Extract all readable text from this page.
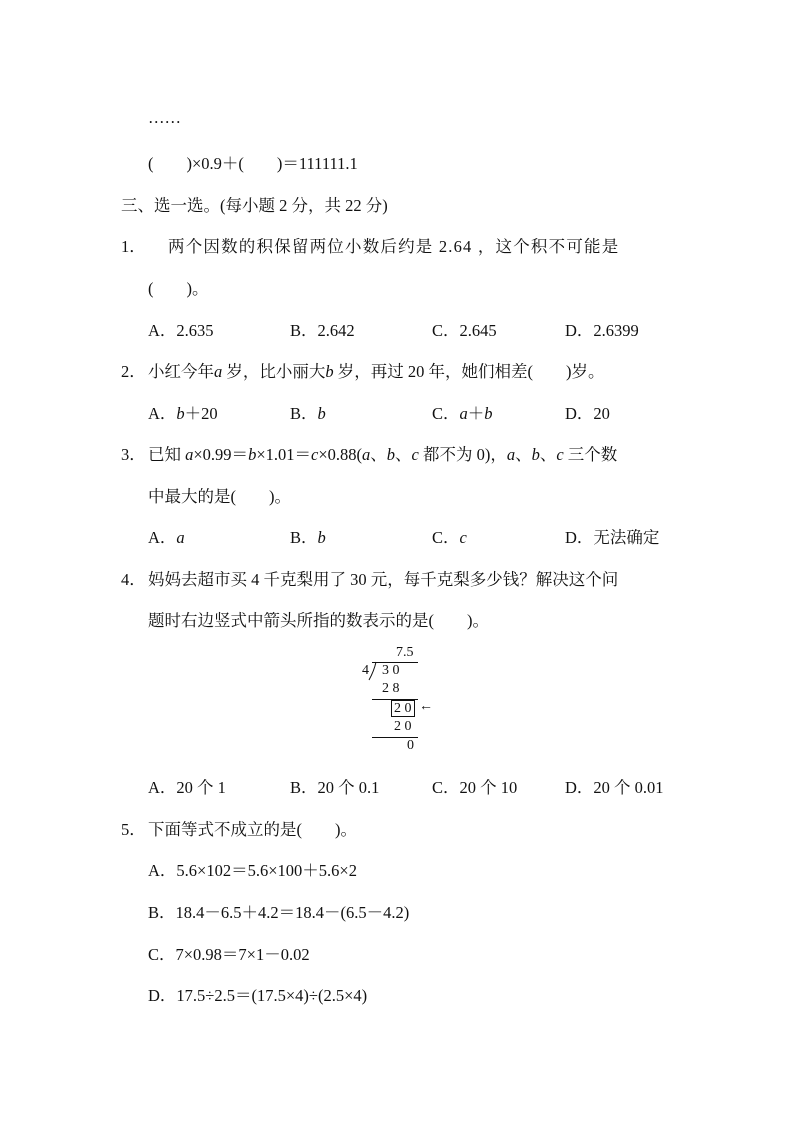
……
(　　)×0.9＋(　　)＝111111.1
三、选一选。(每小题 2 分，共 22 分)
1． 两个因数的积保留两位小数后约是 2.64 ，这个积不可能是
(　　)。
A．2.635	B．2.642	C．2.645	D．2.6399
2． 小红今年a 岁，比小丽大b 岁，再过 20 年，她们相差(　　)岁。
A．b＋20	B．b	C．a＋b	D．20
3． 已知 a×0.99＝b×1.01＝c×0.88(a、b、c 都不为 0)，a、b、c 三个数
中最大的是(　　)。
A．a	B．b	C．c	D．无法确定
4． 妈妈去超市买 4 千克梨用了 30 元，每千克梨多少钱？解决这个问
题时右边竖式中箭头所指的数表示的是(　　)。
7.5
4 3 0
2 8
2 0 ←
2 0
0
A．20 个 1	B．20 个 0.1	C．20 个 10	D．20 个 0.01
5． 下面等式不成立的是(　　)。
A．5.6×102＝5.6×100＋5.6×2
B．18.4－6.5＋4.2＝18.4－(6.5－4.2)
C．7×0.98＝7×1－0.02
D．17.5÷2.5＝(17.5×4)÷(2.5×4)
